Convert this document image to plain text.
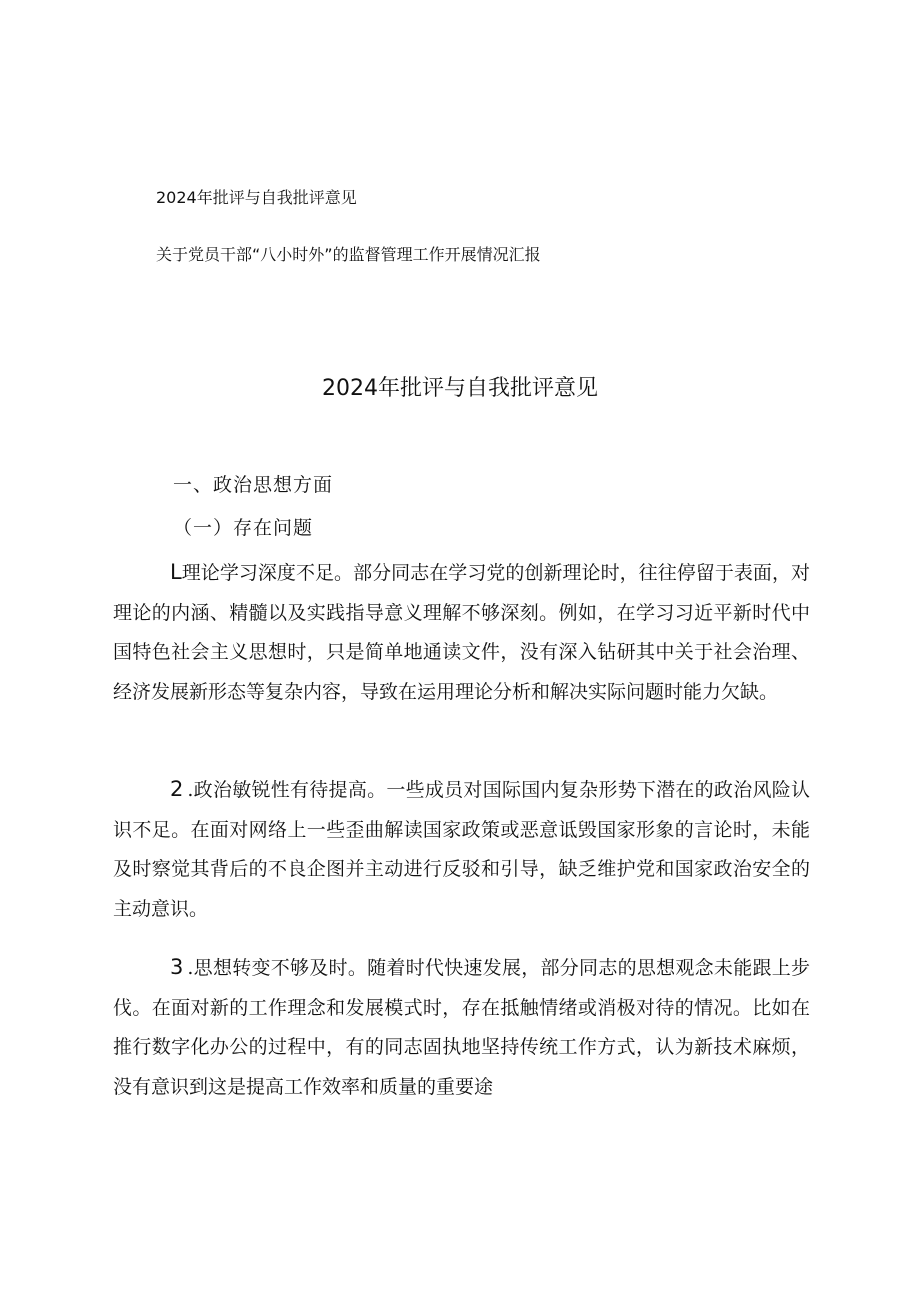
2024年批评与自我批评意见
关于党员干部“八小时外”的监督管理工作开展情况汇报
2024年批评与自我批评意见
一、政治思想方面
（一）存在问题

L理论学习深度不足。部分同志在学习党的创新理论时，往往停留于表面，对理论的内涵、精髓以及实践指导意义理解不够深刻。例如，在学习习近平新时代中国特色社会主义思想时，只是简单地通读文件，没有深入钻研其中关于社会治理、经济发展新形态等复杂内容，导致在运用理论分析和解决实际问题时能力欠缺。

2 .政治敏锐性有待提高。一些成员对国际国内复杂形势下潜在的政治风险认识不足。在面对网络上一些歪曲解读国家政策或恶意诋毁国家形象的言论时，未能及时察觉其背后的不良企图并主动进行反驳和引导，缺乏维护党和国家政治安全的主动意识。

3 .思想转变不够及时。随着时代快速发展，部分同志的思想观念未能跟上步伐。在面对新的工作理念和发展模式时，存在抵触情绪或消极对待的情况。比如在推行数字化办公的过程中，有的同志固执地坚持传统工作方式，认为新技术麻烦，没有意识到这是提高工作效率和质量的重要途
